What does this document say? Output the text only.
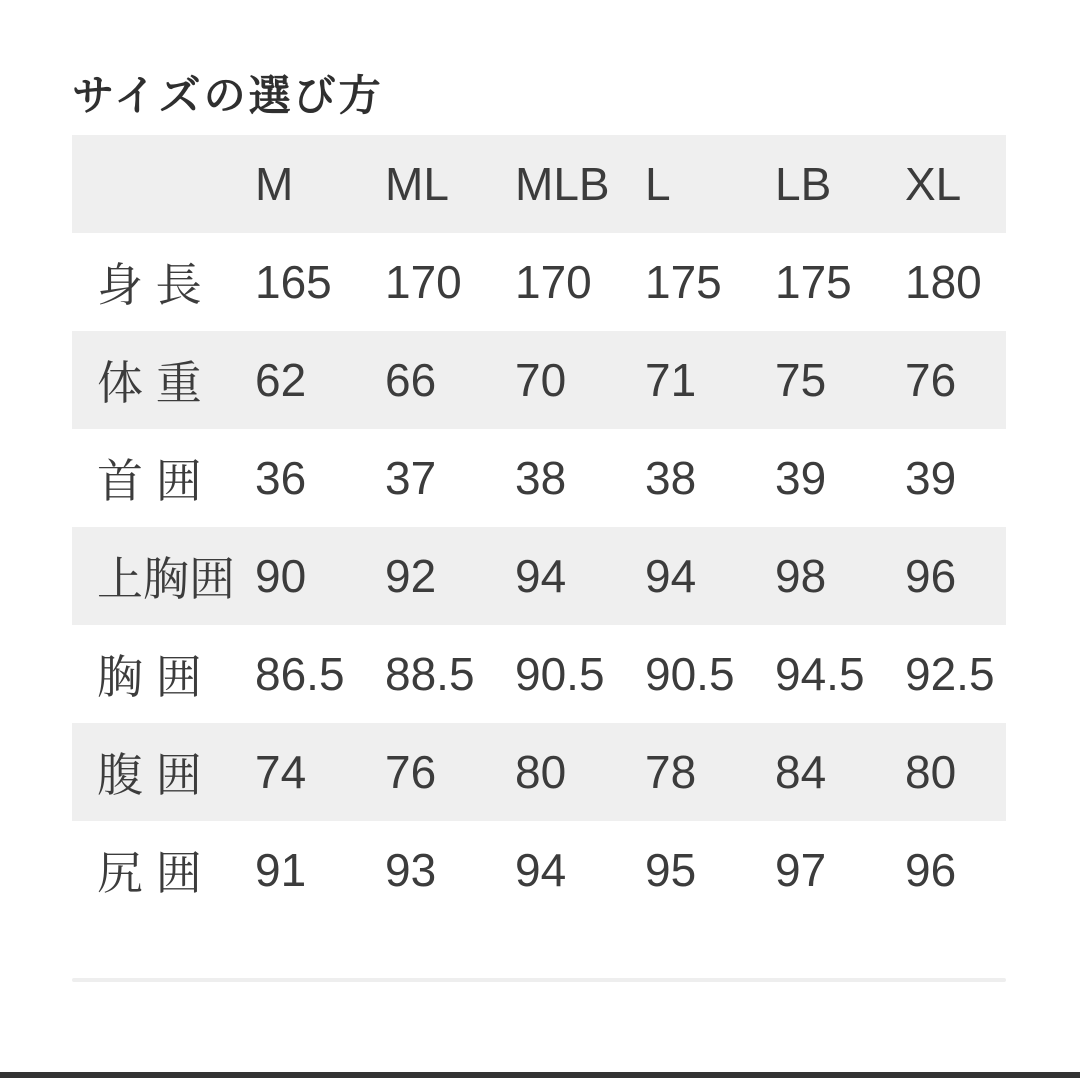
サイズの選び方
	M	ML	MLB	L	LB	XL
身 長	165	170	170	175	175	180
体 重	62	66	70	71	75	76
首 囲	36	37	38	38	39	39
上胸囲	90	92	94	94	98	96
胸 囲	86.5	88.5	90.5	90.5	94.5	92.5
腹 囲	74	76	80	78	84	80
尻 囲	91	93	94	95	97	96
